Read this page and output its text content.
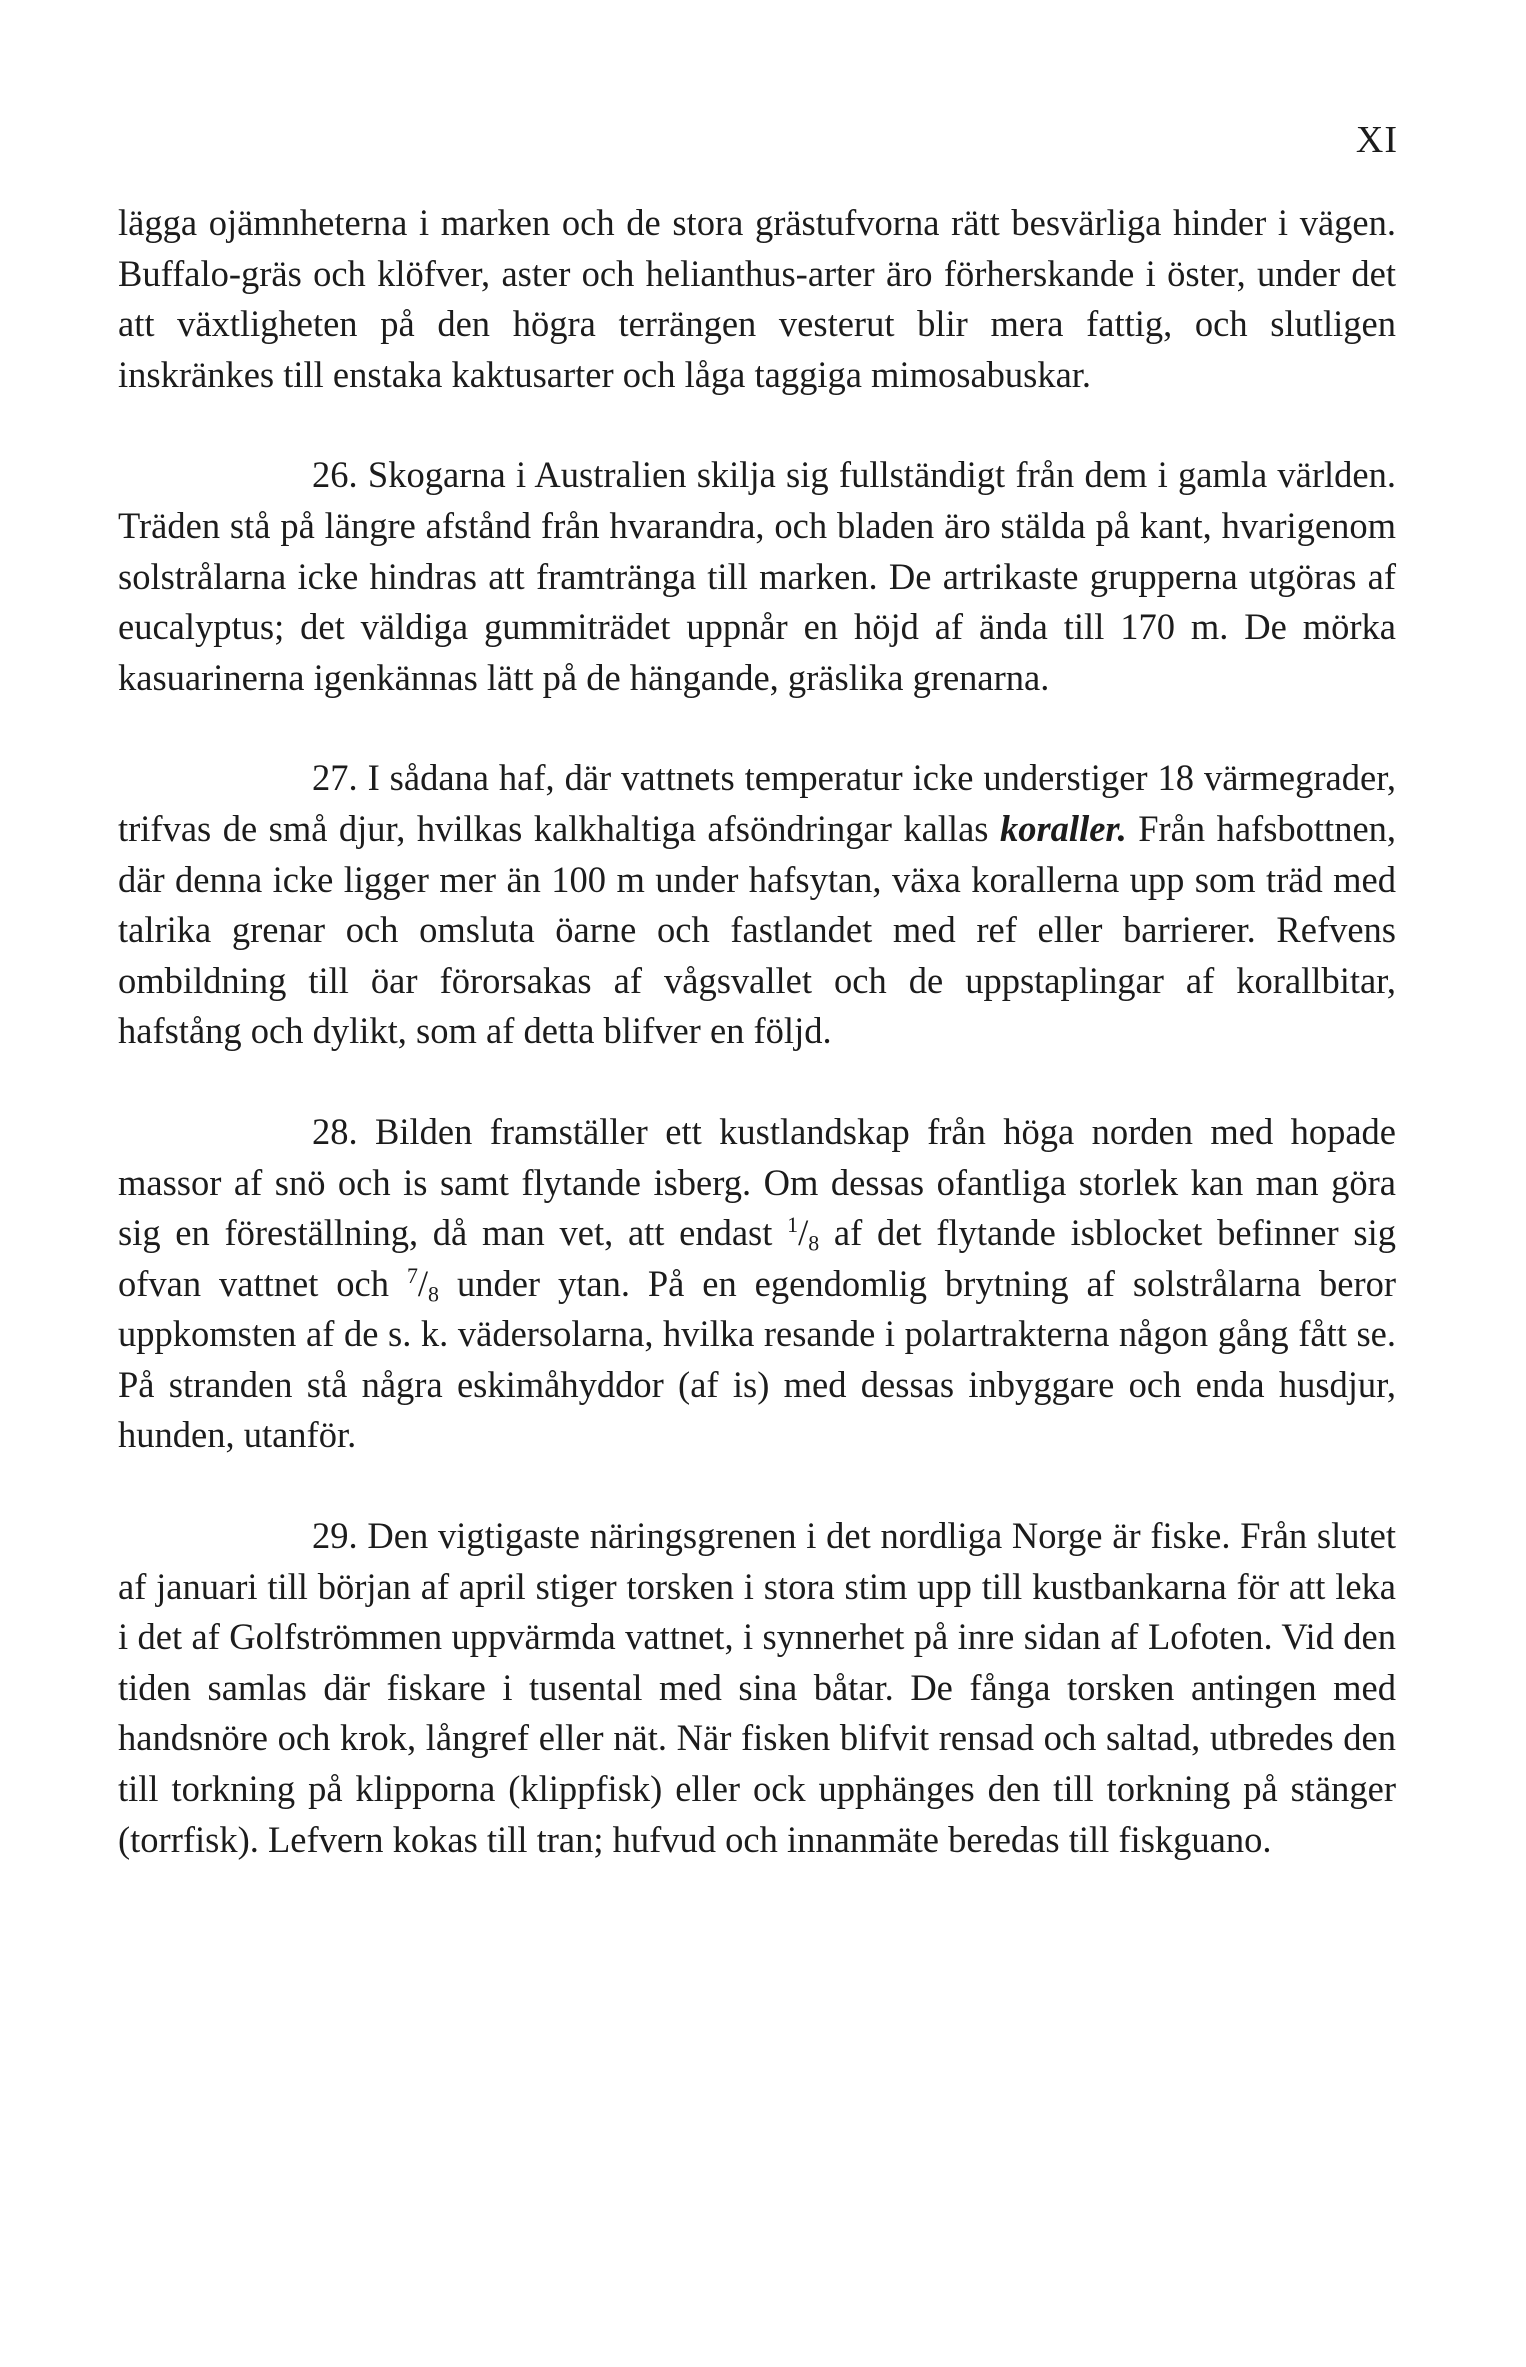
XI

lägga ojämnheterna i marken och de stora grästufvorna rätt besvärliga hinder i vägen. Buffalo-gräs och klöfver, aster och helianthus-arter äro förherskande i öster, under det att växtligheten på den högra terrängen vesterut blir mera fattig, och slutligen inskränkes till enstaka kaktusarter och låga taggiga mimosabuskar.

26. Skogarna i Australien skilja sig fullständigt från dem i gamla världen. Träden stå på längre afstånd från hvarandra, och bladen äro stälda på kant, hvarigenom solstrålarna icke hindras att framtränga till marken. De artrikaste grupperna utgöras af eucalyptus; det väldiga gummiträdet uppnår en höjd af ända till 170 m. De mörka kasuarinerna igenkännas lätt på de hängande, gräslika grenarna.

27. I sådana haf, där vattnets temperatur icke understiger 18 värmegrader, trifvas de små djur, hvilkas kalkhaltiga afsöndringar kallas koraller. Från hafsbottnen, där denna icke ligger mer än 100 m under hafsytan, växa korallerna upp som träd med talrika grenar och omsluta öarne och fastlandet med ref eller barrierer. Refvens ombildning till öar förorsakas af vågsvallet och de uppstaplingar af korallbitar, hafstång och dylikt, som af detta blifver en följd.

28. Bilden framställer ett kustlandskap från höga norden med hopade massor af snö och is samt flytande isberg. Om dessas ofantliga storlek kan man göra sig en föreställning, då man vet, att endast $^1/_8$ af det flytande isblocket befinner sig ofvan vattnet och $^7/_8$ under ytan. På en egendomlig brytning af solstrålarna beror uppkomsten af de s. k. vädersolarna, hvilka resande i polartrakterna någon gång fått se. På stranden stå några eskimåhyddor (af is) med dessas inbyggare och enda husdjur, hunden, utanför.

29. Den vigtigaste näringsgrenen i det nordliga Norge är fiske. Från slutet af januari till början af april stiger torsken i stora stim upp till kustbankarna för att leka i det af Golfströmmen uppvärmda vattnet, i synnerhet på inre sidan af Lofoten. Vid den tiden samlas där fiskare i tusental med sina båtar. De fånga torsken antingen med handsnöre och krok, långref eller nät. När fisken blifvit rensad och saltad, utbredes den till torkning på klipporna (klippfisk) eller ock upphänges den till torkning på stänger (torrfisk). Lefvern kokas till tran; hufvud och innanmäte beredas till fiskguano.
